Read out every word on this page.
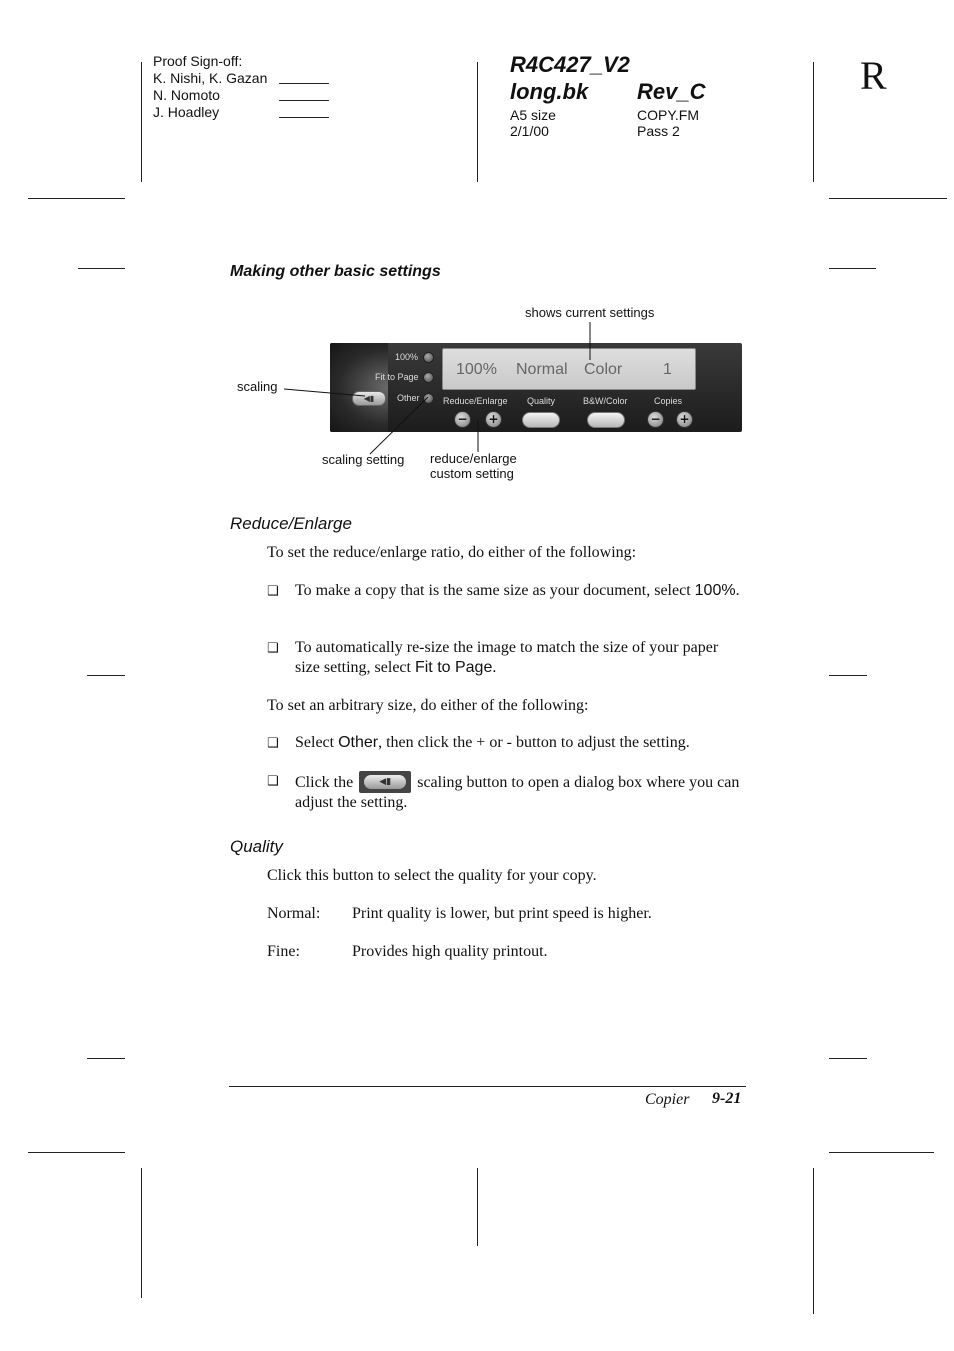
Proof Sign-off:
K. Nishi, K. Gazan
N. Nomoto
J. Hoadley
R4C427_V2
long.bk Rev_C
A5 size	COPY.FM
2/1/00	Pass 2
R
Making other basic settings
shows current settings
scaling
◀▮
100%
Fit to Page
Other
100% Normal Color	1
Reduce/Enlarge
− +
Quality	B&W/Color	Copies
− +
scaling setting reduce/enlarge
custom setting
Reduce/Enlarge
To set the reduce/enlarge ratio, do either of the following:
❑	To make a copy that is the same size as your document, select 100%.
❑	To automatically re-size the image to match the size of your paper size setting, select Fit to Page.
To set an arbitrary size, do either of the following:
❑	Select Other, then click the + or - button to adjust the setting.
❑	Click the	◀▮	scaling button to open a dialog box where you can adjust the setting.
Quality
Click this button to select the quality for your copy.
Normal: Print quality is lower, but print speed is higher.
Fine:	Provides high quality printout.
Copier 9-21
